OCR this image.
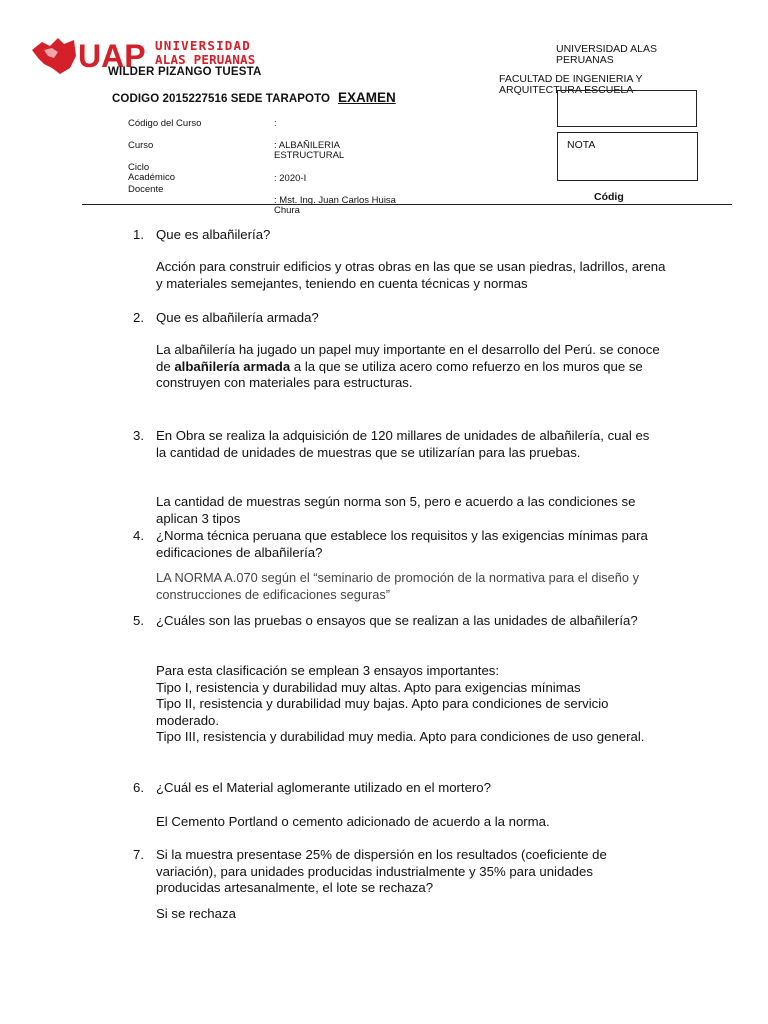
UAP UNIVERSIDAD
ALAS PERUANAS
WILDER PIZANGO TUESTA
CODIGO 2015227516 SEDE TARAPOTO EXAMEN
UNIVERSIDAD ALAS PERUANAS
FACULTAD DE INGENIERIA Y ARQUITECTURA ESCUELA
NOTA
Códig
Código del Curso	:
Curso	: ALBAÑILERIA ESTRUCTURAL
Ciclo Académico	: 2020-I
Docente
: Mst. Ing. Juan Carlos Huisa Chura
1. Que es albañilería?
Acción para construir edificios y otras obras en las que se usan piedras, ladrillos, arena y materiales semejantes, teniendo en cuenta técnicas y normas
2. Que es albañilería armada?
La albañilería ha jugado un papel muy importante en el desarrollo del Perú. se conoce de albañilería armada a la que se utiliza acero como refuerzo en los muros que se construyen con materiales para estructuras.
3. En Obra se realiza la adquisición de 120 millares de unidades de albañilería, cual es la cantidad de unidades de muestras que se utilizarían para las pruebas.
La cantidad de muestras según norma son 5, pero e acuerdo a las condiciones se aplican 3 tipos
4. ¿Norma técnica peruana que establece los requisitos y las exigencias mínimas para edificaciones de albañilería?
LA NORMA A.070 según el “seminario de promoción de la normativa para el diseño y construcciones de edificaciones seguras”
5. ¿Cuáles son las pruebas o ensayos que se realizan a las unidades de albañilería?
Para esta clasificación se emplean 3 ensayos importantes:
Tipo I, resistencia y durabilidad muy altas. Apto para exigencias mínimas
Tipo II, resistencia y durabilidad muy bajas. Apto para condiciones de servicio moderado.
Tipo III, resistencia y durabilidad muy media. Apto para condiciones de uso general.
6. ¿Cuál es el Material aglomerante utilizado en el mortero?
El Cemento Portland o cemento adicionado de acuerdo a la norma.
7. Si la muestra presentase 25% de dispersión en los resultados (coeficiente de variación), para unidades producidas industrialmente y 35% para unidades producidas artesanalmente, el lote se rechaza?
Si se rechaza
